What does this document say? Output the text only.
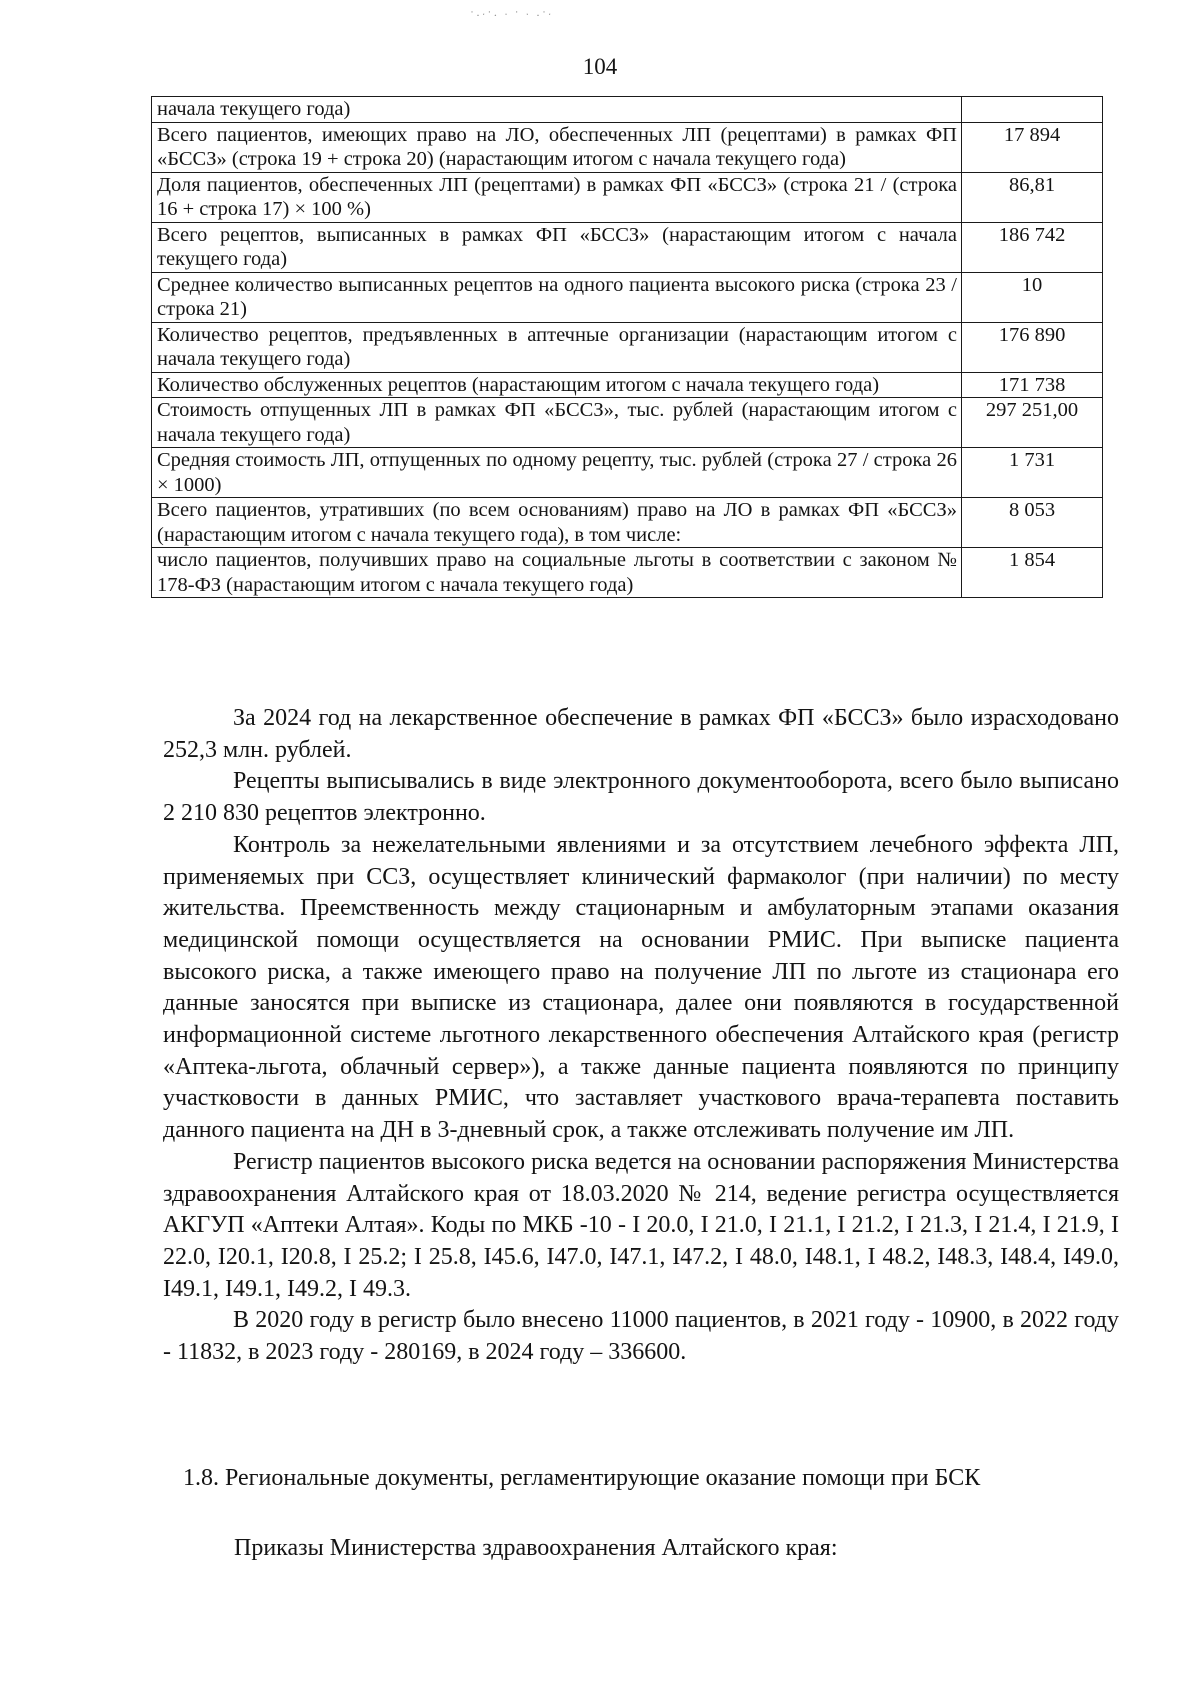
˙·ˑ˙· ˑ ˙ ˑ ·˙ˑ
104
начала текущего года)	
Всего пациентов, имеющих право на ЛО, обеспеченных ЛП (рецептами) в рамках ФП «БССЗ» (строка 19 + строка 20) (нарастающим итогом с начала текущего года)	17 894
Доля пациентов, обеспеченных ЛП (рецептами) в рамках ФП «БССЗ» (строка 21 / (строка 16 + строка 17) × 100 %)	86,81
Всего рецептов, выписанных в рамках ФП «БССЗ» (нарастающим итогом с начала текущего года)	186 742
Среднее количество выписанных рецептов на одного пациента высокого риска (строка 23 / строка 21)	10
Количество рецептов, предъявленных в аптечные организации (нарастающим итогом с начала текущего года)	176 890
Количество обслуженных рецептов (нарастающим итогом с начала текущего года)	171 738
Стоимость отпущенных ЛП в рамках ФП «БССЗ», тыс. рублей (нарастающим итогом с начала текущего года)	297 251,00
Средняя стоимость ЛП, отпущенных по одному рецепту, тыс. рублей (строка 27 / строка 26 × 1000)	1 731
Всего пациентов, утративших (по всем основаниям) право на ЛО в рамках ФП «БССЗ» (нарастающим итогом с начала текущего года), в том числе:	8 053
число пациентов, получивших право на социальные льготы в соответствии с законом № 178-ФЗ (нарастающим итогом с начала текущего года)	1 854

За 2024 год на лекарственное обеспечение в рамках ФП «БССЗ» было израсходовано 252,3 млн. рублей.

Рецепты выписывались в виде электронного документооборота, всего было выписано 2 210 830 рецептов электронно.

Контроль за нежелательными явлениями и за отсутствием лечебного эффекта ЛП, применяемых при ССЗ, осуществляет клинический фармаколог (при наличии) по месту жительства. Преемственность между стационарным и амбулаторным этапами оказания медицинской помощи осуществляется на основании РМИС. При выписке пациента высокого риска, а также имеющего право на получение ЛП по льготе из стационара его данные заносятся при выписке из стационара, далее они появляются в государственной информационной системе льготного лекарственного обеспечения Алтайского края (регистр «Аптека-льгота, облачный сервер»), а также данные пациента появляются по принципу участковости в данных РМИС, что заставляет участкового врача-терапевта поставить данного пациента на ДН в 3-дневный срок, а также отслеживать получение им ЛП.

Регистр пациентов высокого риска ведется на основании распоряжения Министерства здравоохранения Алтайского края от 18.03.2020 № 214, ведение регистра осуществляется АКГУП «Аптеки Алтая». Коды по МКБ -10 - I 20.0, I 21.0, I 21.1, I 21.2, I 21.3, I 21.4, I 21.9, I 22.0, I20.1, I20.8, I 25.2; I 25.8, I45.6, I47.0, I47.1, I47.2, I 48.0, I48.1, I 48.2, I48.3, I48.4, I49.0, I49.1, I49.1, I49.2, I 49.3.

В 2020 году в регистр было внесено 11000 пациентов, в 2021 году - 10900, в 2022 году - 11832, в 2023 году - 280169, в 2024 году – 336600.

1.8. Региональные документы, регламентирующие оказание помощи при БСК
Приказы Министерства здравоохранения Алтайского края:
